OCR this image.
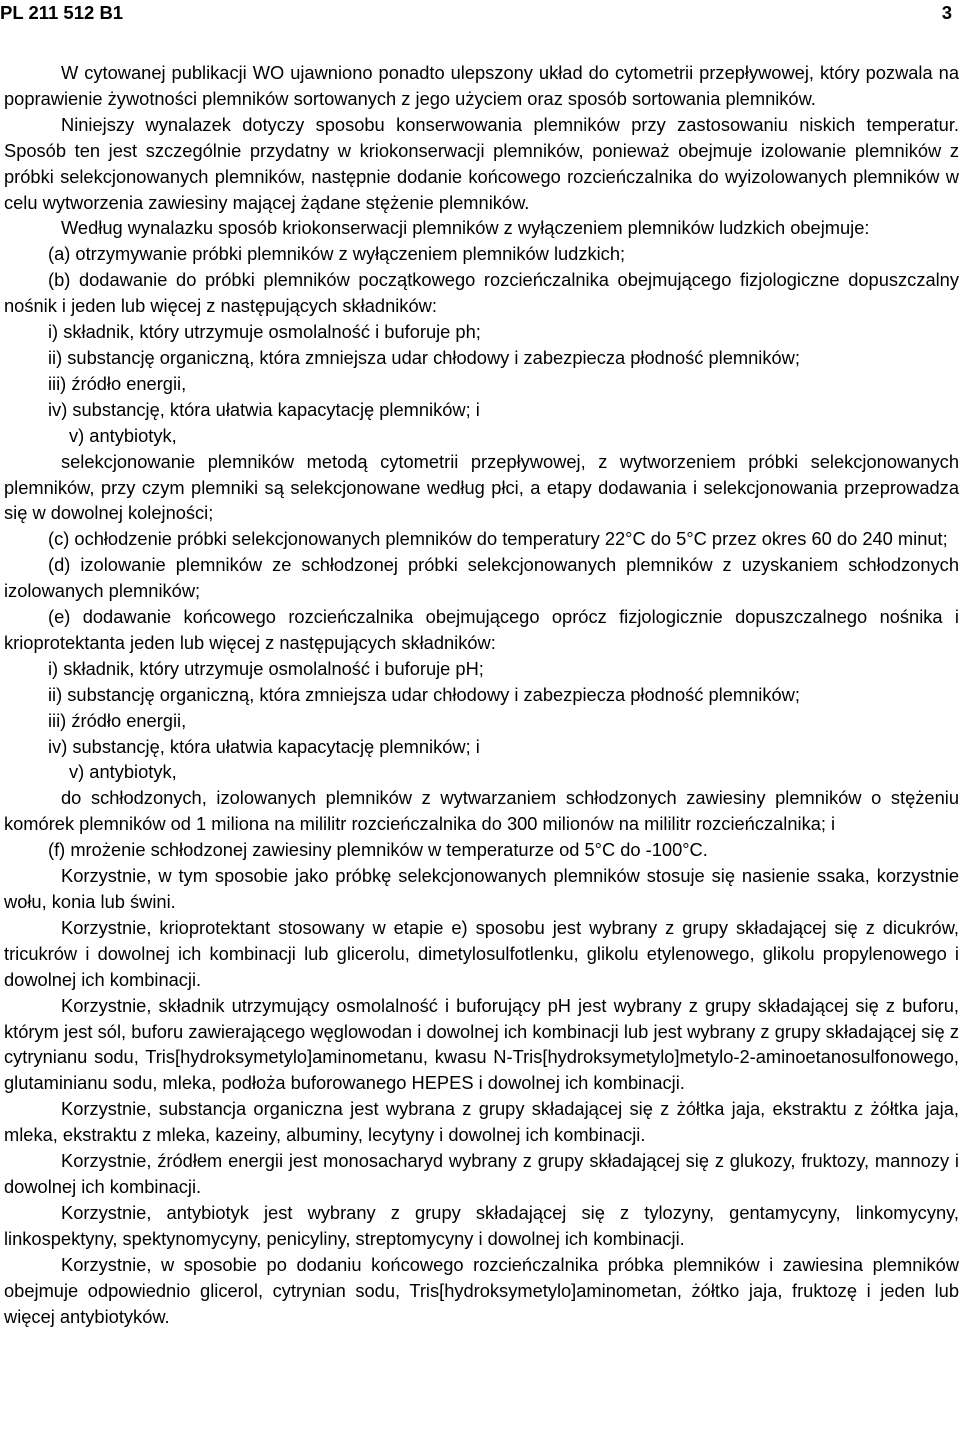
PL 211 512 B1	3

W cytowanej publikacji WO ujawniono ponadto ulepszony układ do cytometrii przepływowej, który pozwala na poprawienie żywotności plemników sortowanych z jego użyciem oraz sposób sortowania plemników.

Niniejszy wynalazek dotyczy sposobu konserwowania plemników przy zastosowaniu niskich temperatur. Sposób ten jest szczególnie przydatny w kriokonserwacji plemników, ponieważ obejmuje izolowanie plemników z próbki selekcjonowanych plemników, następnie dodanie końcowego rozcieńczalnika do wyizolowanych plemników w celu wytworzenia zawiesiny mającej żądane stężenie plemników.

Według wynalazku sposób kriokonserwacji plemników z wyłączeniem plemników ludzkich obejmuje:

(a) otrzymywanie próbki plemników z wyłączeniem plemników ludzkich;

(b) dodawanie do próbki plemników początkowego rozcieńczalnika obejmującego fizjologiczne dopuszczalny nośnik i jeden lub więcej z następujących składników:

i) składnik, który utrzymuje osmolalność i buforuje ph;

ii) substancję organiczną, która zmniejsza udar chłodowy i zabezpiecza płodność plemników;

iii) źródło energii,

iv) substancję, która ułatwia kapacytację plemników; i

v) antybiotyk,

selekcjonowanie plemników metodą cytometrii przepływowej, z wytworzeniem próbki selekcjonowanych plemników, przy czym plemniki są selekcjonowane według płci, a etapy dodawania i selekcjonowania przeprowadza się w dowolnej kolejności;

(c) ochłodzenie próbki selekcjonowanych plemników do temperatury 22°C do 5°C przez okres 60 do 240 minut;

(d) izolowanie plemników ze schłodzonej próbki selekcjonowanych plemników z uzyskaniem schłodzonych izolowanych plemników;

(e) dodawanie końcowego rozcieńczalnika obejmującego oprócz fizjologicznie dopuszczalnego nośnika i krioprotektanta jeden lub więcej z następujących składników:

i) składnik, który utrzymuje osmolalność i buforuje pH;

ii) substancję organiczną, która zmniejsza udar chłodowy i zabezpiecza płodność plemników;

iii) źródło energii,

iv) substancję, która ułatwia kapacytację plemników; i

v) antybiotyk,

do schłodzonych, izolowanych plemników z wytwarzaniem schłodzonych zawiesiny plemników o stężeniu komórek plemników od 1 miliona na mililitr rozcieńczalnika do 300 milionów na mililitr rozcieńczalnika; i

(f) mrożenie schłodzonej zawiesiny plemników w temperaturze od 5°C do -100°C.

Korzystnie, w tym sposobie jako próbkę selekcjonowanych plemników stosuje się nasienie ssaka, korzystnie wołu, konia lub świni.

Korzystnie, krioprotektant stosowany w etapie e) sposobu jest wybrany z grupy składającej się z dicukrów, tricukrów i dowolnej ich kombinacji lub glicerolu, dimetylosulfotlenku, glikolu etylenowego, glikolu propylenowego i dowolnej ich kombinacji.

Korzystnie, składnik utrzymujący osmolalność i buforujący pH jest wybrany z grupy składającej się z buforu, którym jest sól, buforu zawierającego węglowodan i dowolnej ich kombinacji lub jest wybrany z grupy składającej się z cytrynianu sodu, Tris[hydroksymetylo]aminometanu, kwasu N-Tris[hydroksymetylo]metylo-2-aminoetanosulfonowego, glutaminianu sodu, mleka, podłoża buforowanego HEPES i dowolnej ich kombinacji.

Korzystnie, substancja organiczna jest wybrana z grupy składającej się z żółtka jaja, ekstraktu z żółtka jaja, mleka, ekstraktu z mleka, kazeiny, albuminy, lecytyny i dowolnej ich kombinacji.

Korzystnie, źródłem energii jest monosacharyd wybrany z grupy składającej się z glukozy, fruktozy, mannozy i dowolnej ich kombinacji.

Korzystnie, antybiotyk jest wybrany z grupy składającej się z tylozyny, gentamycyny, linkomycyny, linkospektyny, spektynomycyny, penicyliny, streptomycyny i dowolnej ich kombinacji.

Korzystnie, w sposobie po dodaniu końcowego rozcieńczalnika próbka plemników i zawiesina plemników obejmuje odpowiednio glicerol, cytrynian sodu, Tris[hydroksymetylo]aminometan, żółtko jaja, fruktozę i jeden lub więcej antybiotyków.
